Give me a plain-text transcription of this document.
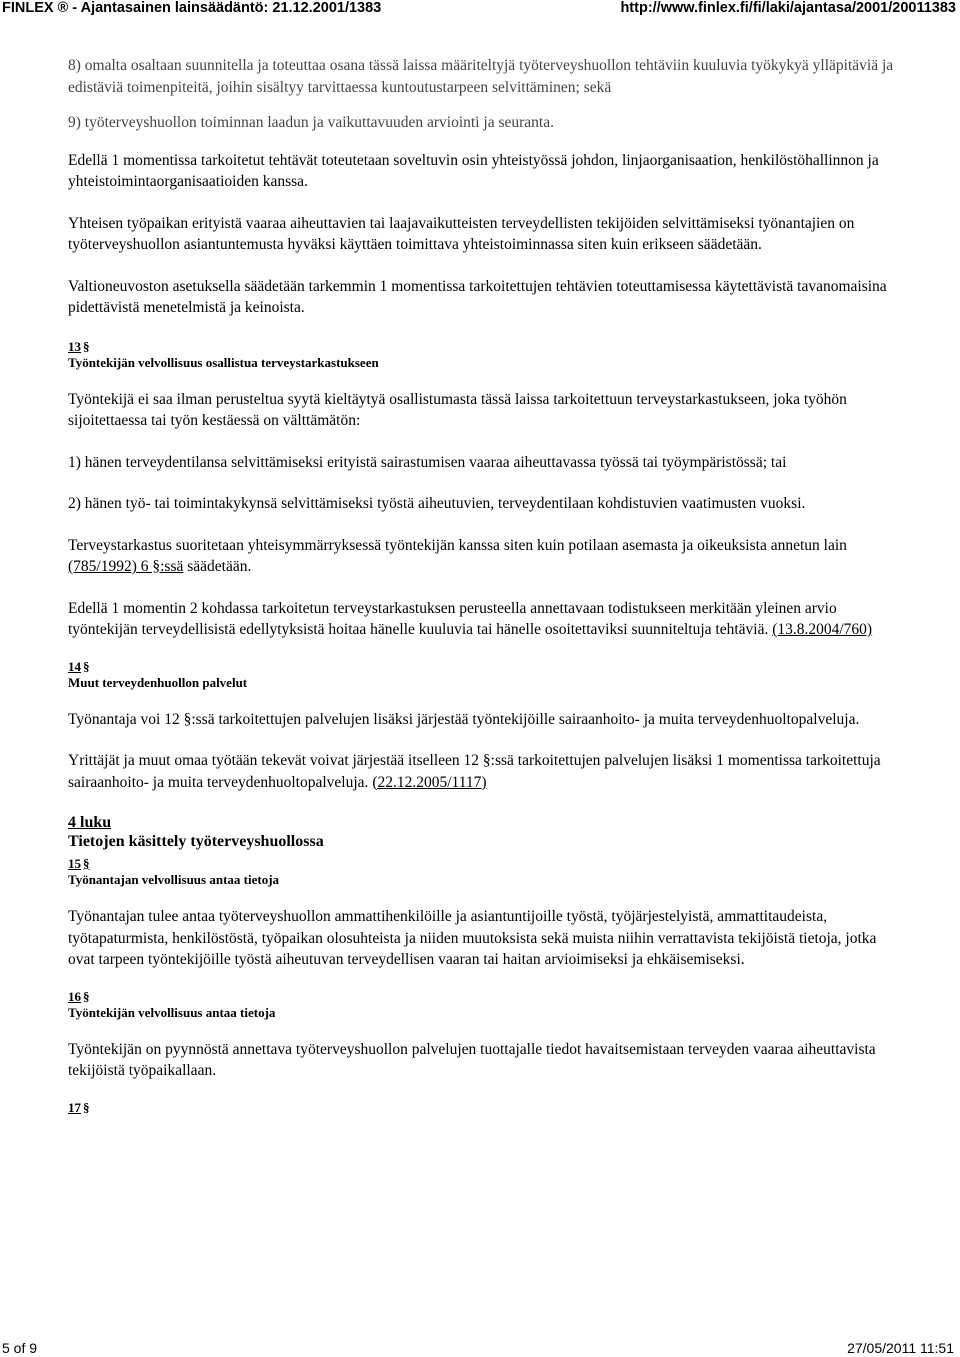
FINLEX ® - Ajantasainen lainsäädäntö: 21.12.2001/1383	http://www.finlex.fi/fi/laki/ajantasa/2001/20011383

8) omalta osaltaan suunnitella ja toteuttaa osana tässä laissa määriteltyjä työterveyshuollon tehtäviin kuuluvia työkykyä ylläpitäviä ja edistäviä toimenpiteitä, joihin sisältyy tarvittaessa kuntoutustarpeen selvittäminen; sekä

9) työterveyshuollon toiminnan laadun ja vaikuttavuuden arviointi ja seuranta.

Edellä 1 momentissa tarkoitetut tehtävät toteutetaan soveltuvin osin yhteistyössä johdon, linjaorganisaation, henkilöstöhallinnon ja yhteistoimintaorganisaatioiden kanssa.

Yhteisen työpaikan erityistä vaaraa aiheuttavien tai laajavaikutteisten terveydellisten tekijöiden selvittämiseksi työnantajien on työterveyshuollon asiantuntemusta hyväksi käyttäen toimittava yhteistoiminnassa siten kuin erikseen säädetään.

Valtioneuvoston asetuksella säädetään tarkemmin 1 momentissa tarkoitettujen tehtävien toteuttamisessa käytettävistä tavanomaisina pidettävistä menetelmistä ja keinoista.

13 §

Työntekijän velvollisuus osallistua terveystarkastukseen

Työntekijä ei saa ilman perusteltua syytä kieltäytyä osallistumasta tässä laissa tarkoitettuun terveystarkastukseen, joka työhön sijoitettaessa tai työn kestäessä on välttämätön:

1) hänen terveydentilansa selvittämiseksi erityistä sairastumisen vaaraa aiheuttavassa työssä tai työympäristössä; tai

2) hänen työ- tai toimintakykynsä selvittämiseksi työstä aiheutuvien, terveydentilaan kohdistuvien vaatimusten vuoksi.

Terveystarkastus suoritetaan yhteisymmärryksessä työntekijän kanssa siten kuin potilaan asemasta ja oikeuksista annetun lain (785/1992) 6 §:ssä säädetään.

Edellä 1 momentin 2 kohdassa tarkoitetun terveystarkastuksen perusteella annettavaan todistukseen merkitään yleinen arvio työntekijän terveydellisistä edellytyksistä hoitaa hänelle kuuluvia tai hänelle osoitettaviksi suunniteltuja tehtäviä. (13.8.2004/760)

14 §

Muut terveydenhuollon palvelut

Työnantaja voi 12 §:ssä tarkoitettujen palvelujen lisäksi järjestää työntekijöille sairaanhoito- ja muita terveydenhuoltopalveluja.

Yrittäjät ja muut omaa työtään tekevät voivat järjestää itselleen 12 §:ssä tarkoitettujen palvelujen lisäksi 1 momentissa tarkoitettuja sairaanhoito- ja muita terveydenhuoltopalveluja. (22.12.2005/1117)

4 luku

Tietojen käsittely työterveyshuollossa

15 §

Työnantajan velvollisuus antaa tietoja

Työnantajan tulee antaa työterveyshuollon ammattihenkilöille ja asiantuntijoille työstä, työjärjestelyistä, ammattitaudeista, työtapaturmista, henkilöstöstä, työpaikan olosuhteista ja niiden muutoksista sekä muista niihin verrattavista tekijöistä tietoja, jotka ovat tarpeen työntekijöille työstä aiheutuvan terveydellisen vaaran tai haitan arvioimiseksi ja ehkäisemiseksi.

16 §

Työntekijän velvollisuus antaa tietoja

Työntekijän on pyynnöstä annettava työterveyshuollon palvelujen tuottajalle tiedot havaitsemistaan terveyden vaaraa aiheuttavista tekijöistä työpaikallaan.

17 §

5 of 9	27/05/2011 11:51
